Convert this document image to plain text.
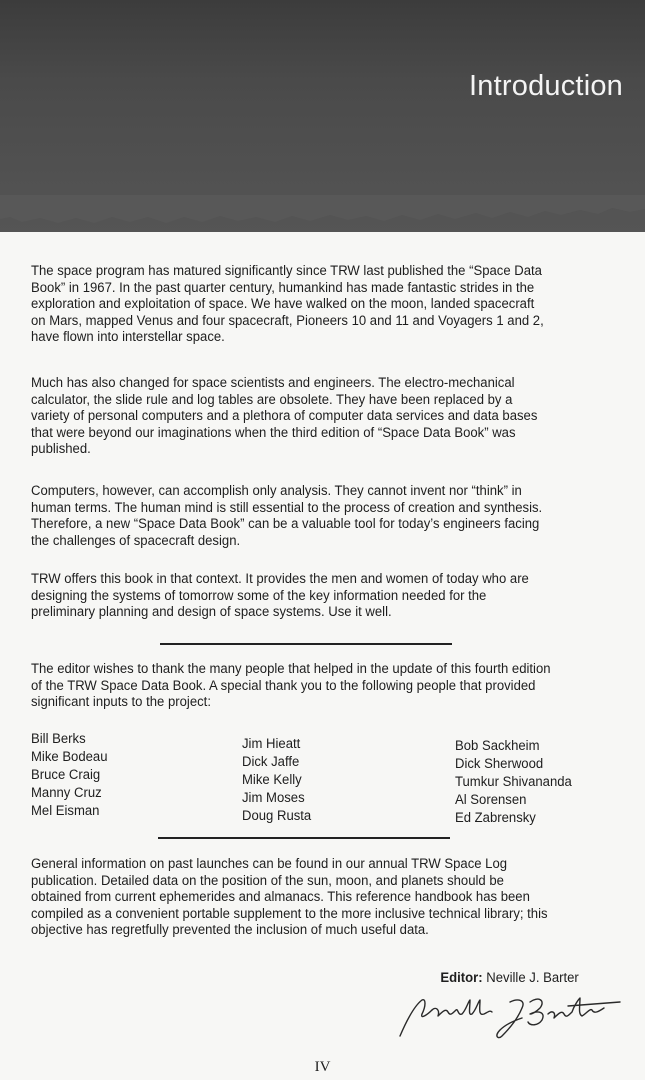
Introduction

The space program has matured significantly since TRW last published the “Space Data Book” in 1967. In the past quarter century, humankind has made fantastic strides in the exploration and exploitation of space. We have walked on the moon, landed spacecraft on Mars, mapped Venus and four spacecraft, Pioneers 10 and 11 and Voyagers 1 and 2, have flown into interstellar space.

Much has also changed for space scientists and engineers. The electro-mechanical calculator, the slide rule and log tables are obsolete. They have been replaced by a variety of personal computers and a plethora of computer data services and data bases that were beyond our imaginations when the third edition of “Space Data Book” was published.

Computers, however, can accomplish only analysis. They cannot invent nor “think” in human terms. The human mind is still essential to the process of creation and synthesis. Therefore, a new “Space Data Book” can be a valuable tool for today’s engineers facing the challenges of spacecraft design.

TRW offers this book in that context. It provides the men and women of today who are designing the systems of tomorrow some of the key information needed for the preliminary planning and design of space systems. Use it well.

The editor wishes to thank the many people that helped in the update of this fourth edition of the TRW Space Data Book. A special thank you to the following people that provided significant inputs to the project:

Bill Berks
Mike Bodeau
Bruce Craig
Manny Cruz
Mel Eisman
Jim Hieatt
Dick Jaffe
Mike Kelly
Jim Moses
Doug Rusta
Bob Sackheim
Dick Sherwood
Tumkur Shivananda
Al Sorensen
Ed Zabrensky

General information on past launches can be found in our annual TRW Space Log publication. Detailed data on the position of the sun, moon, and planets should be obtained from current ephemerides and almanacs. This reference handbook has been compiled as a convenient portable supplement to the more inclusive technical library; this objective has regretfully prevented the inclusion of much useful data.

Editor: Neville J. Barter
IV
